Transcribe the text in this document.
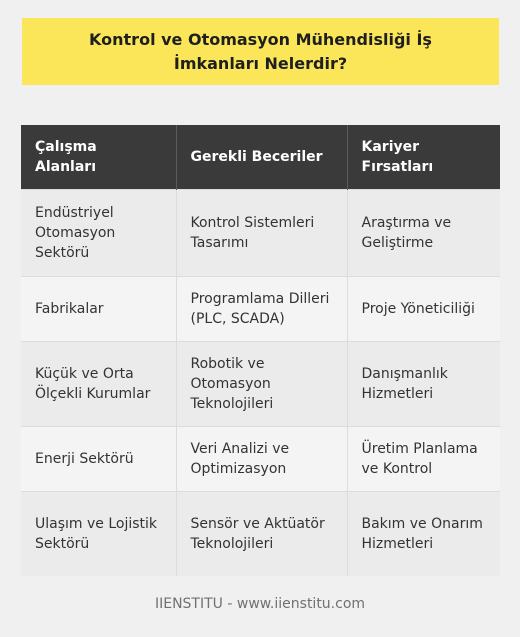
Kontrol ve Otomasyon Mühendisliği İş İmkanları Nelerdir?
Çalışma Alanları	Gerekli Beceriler	Kariyer Fırsatları
Endüstriyel Otomasyon Sektörü	Kontrol Sistemleri Tasarımı	Araştırma ve Geliştirme
Fabrikalar	Programlama Dilleri (PLC, SCADA)	Proje Yöneticiliği
Küçük ve Orta Ölçekli Kurumlar	Robotik ve Otomasyon Teknolojileri	Danışmanlık Hizmetleri
Enerji Sektörü	Veri Analizi ve Optimizasyon	Üretim Planlama ve Kontrol
Ulaşım ve Lojistik Sektörü	Sensör ve Aktüatör Teknolojileri	Bakım ve Onarım Hizmetleri
IIENSTITU - www.iienstitu.com
